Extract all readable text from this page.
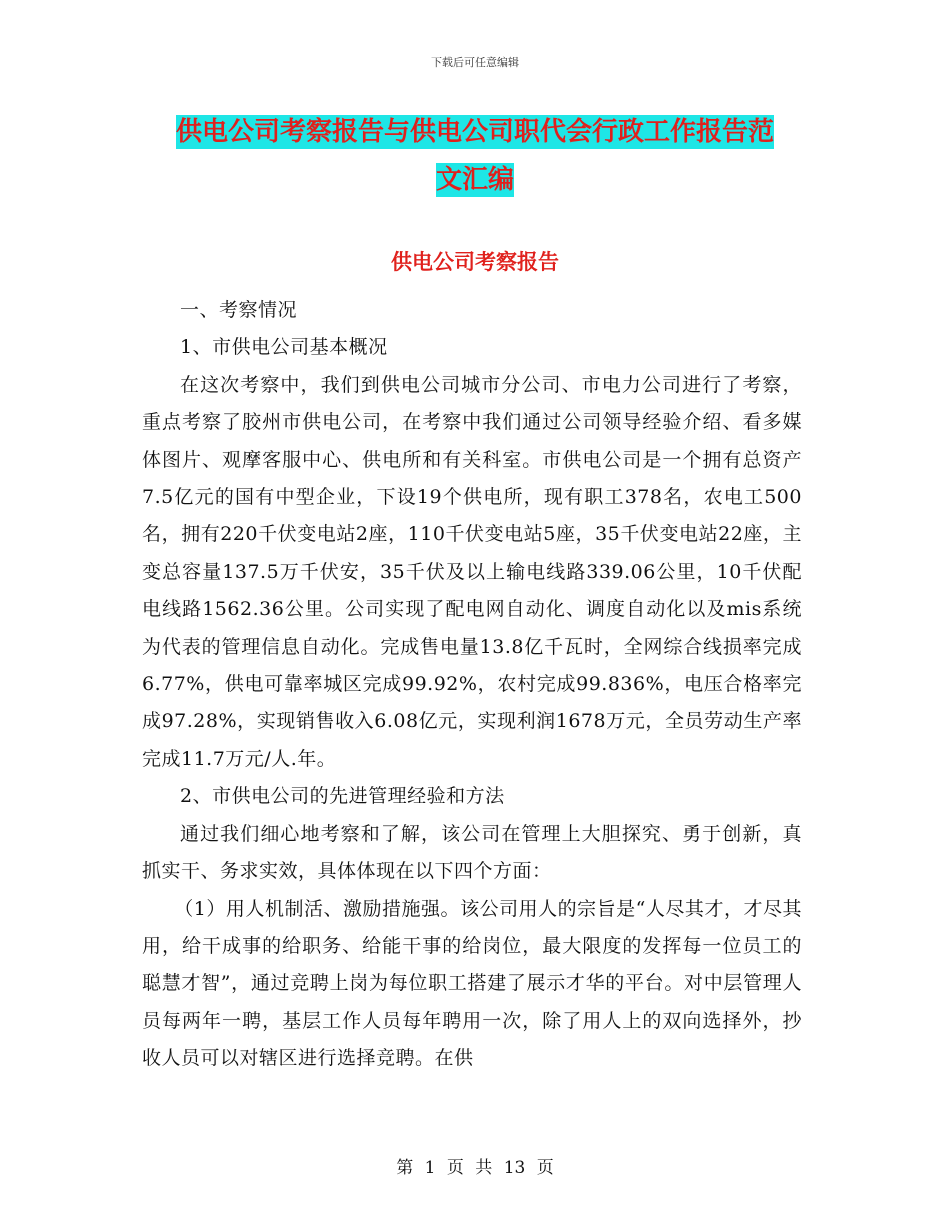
下载后可任意编辑
供电公司考察报告与供电公司职代会行政工作报告范
文汇编
供电公司考察报告

一、考察情况

1、市供电公司基本概况

在这次考察中，我们到供电公司城市分公司、市电力公司进行了考察，重点考察了胶州市供电公司，在考察中我们通过公司领导经验介绍、看多媒体图片、观摩客服中心、供电所和有关科室。市供电公司是一个拥有总资产7.5亿元的国有中型企业，下设19个供电所，现有职工378名，农电工500名，拥有220千伏变电站2座，110千伏变电站5座，35千伏变电站22座，主变总容量137.5万千伏安，35千伏及以上输电线路339.06公里，10千伏配电线路1562.36公里。公司实现了配电网自动化、调度自动化以及mis系统为代表的管理信息自动化。完成售电量13.8亿千瓦时，全网综合线损率完成6.77%，供电可靠率城区完成99.92%，农村完成99.836%，电压合格率完成97.28%，实现销售收入6.08亿元，实现利润1678万元，全员劳动生产率完成11.7万元/人.年。

2、市供电公司的先进管理经验和方法

通过我们细心地考察和了解，该公司在管理上大胆探究、勇于创新，真抓实干、务求实效，具体体现在以下四个方面：

（1）用人机制活、激励措施强。该公司用人的宗旨是“人尽其才，才尽其用，给干成事的给职务、给能干事的给岗位，最大限度的发挥每一位员工的聪慧才智”，通过竞聘上岗为每位职工搭建了展示才华的平台。对中层管理人员每两年一聘，基层工作人员每年聘用一次，除了用人上的双向选择外，抄收人员可以对辖区进行选择竞聘。在供

第 1 页 共 13 页
